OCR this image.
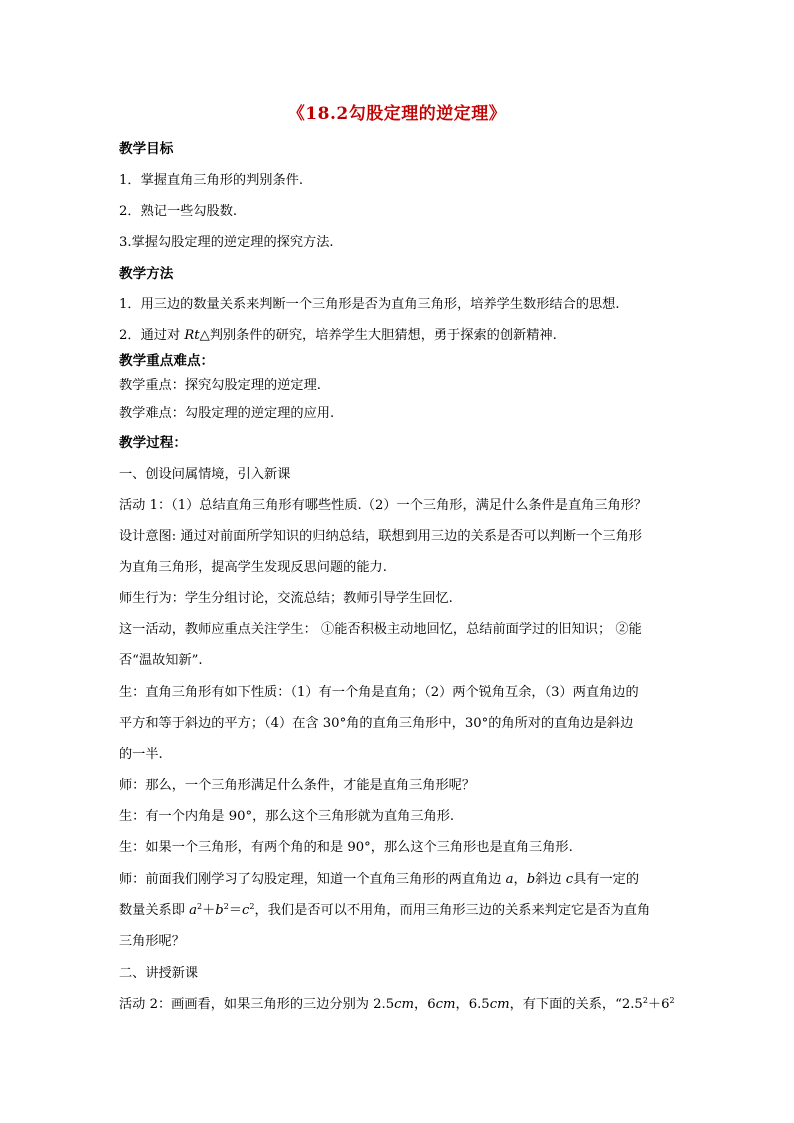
《18.2勾股定理的逆定理》
教学目标
1．掌握直角三角形的判别条件.
2．熟记一些勾股数.
3.掌握勾股定理的逆定理的探究方法.
教学方法
1．用三边的数量关系来判断一个三角形是否为直角三角形，培养学生数形结合的思想.
2．通过对 Rt△判别条件的研究，培养学生大胆猜想，勇于探索的创新精神.
教学重点难点：
教学重点：探究勾股定理的逆定理.
教学难点：勾股定理的逆定理的应用.
教学过程：
一、创设问属情境，引入新课
活动 1：（1）总结直角三角形有哪些性质.（2）一个三角形，满足什么条件是直角三角形？
设计意图: 通过对前面所学知识的归纳总结，联想到用三边的关系是否可以判断一个三角形
为直角三角形，提高学生发现反思问题的能力.
师生行为：学生分组讨论，交流总结；教师引导学生回忆.
这一活动，教师应重点关注学生： ①能否积极主动地回忆，总结前面学过的旧知识； ②能
否“温故知新”.
生：直角三角形有如下性质：（1）有一个角是直角；（2）两个锐角互余，（3）两直角边的
平方和等于斜边的平方；（4）在含 30°角的直角三角形中，30°的角所对的直角边是斜边
的一半.
师：那么，一个三角形满足什么条件，才能是直角三角形呢？
生：有一个内角是 90°，那么这个三角形就为直角三角形.
生：如果一个三角形，有两个角的和是 90°，那么这个三角形也是直角三角形.
师：前面我们刚学习了勾股定理，知道一个直角三角形的两直角边 a，b斜边 c具有一定的
数量关系即 $a^2+b^2=c^2$，我们是否可以不用角，而用三角形三边的关系来判定它是否为直角
三角形呢？
二、讲授新课
活动 2：画画看，如果三角形的三边分别为 2.5cm，6cm，6.5cm，有下面的关系，“$2.5^2+6^2$
